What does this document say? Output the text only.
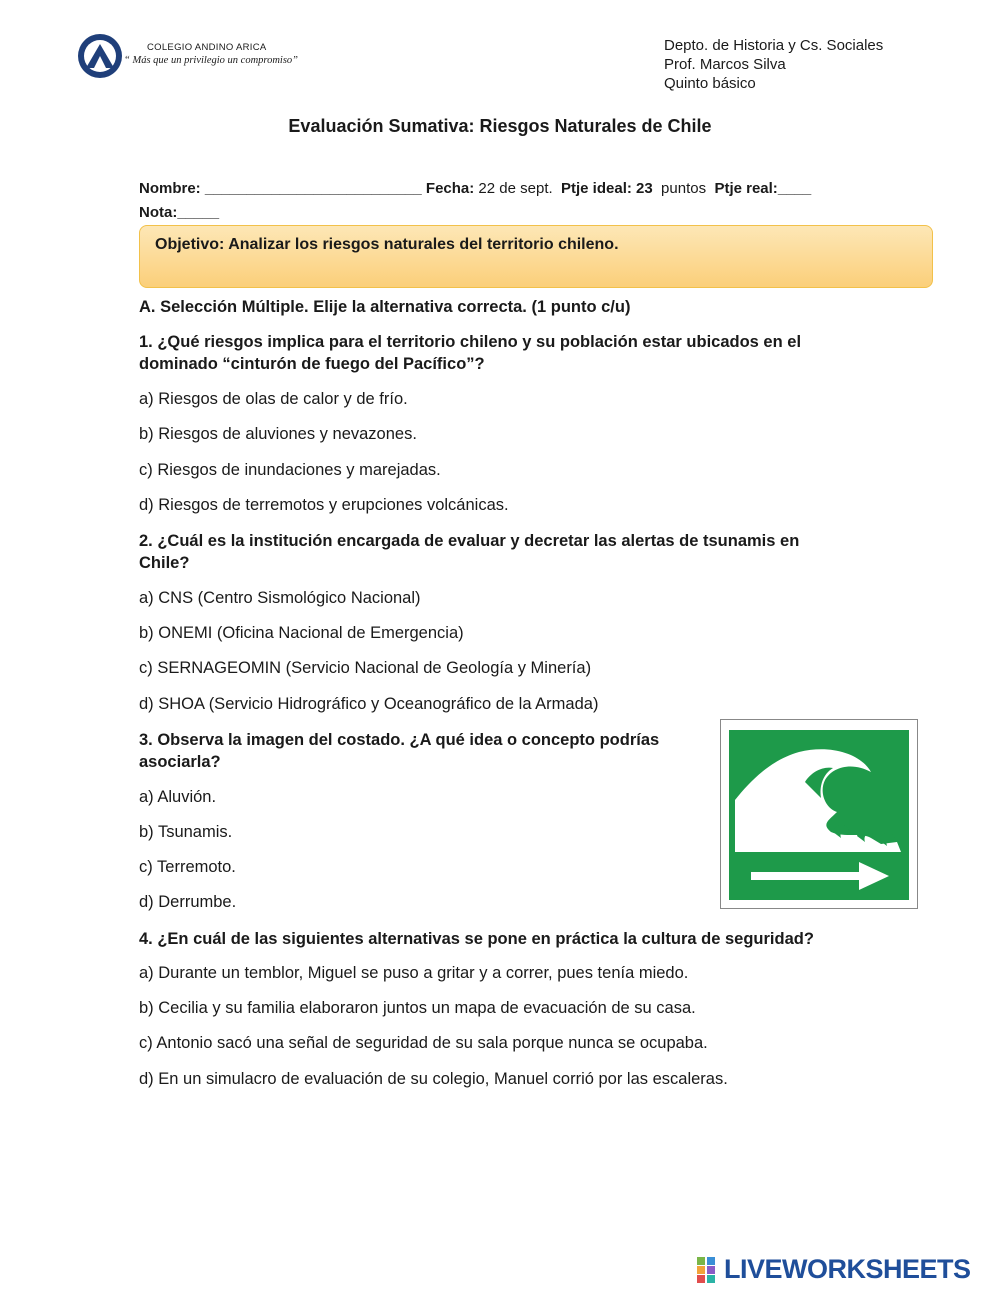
COLEGIO ANDINO ARICA
“ Más que un privilegio un compromiso”
Depto. de Historia y Cs. Sociales
Prof. Marcos Silva
Quinto básico
Evaluación Sumativa: Riesgos Naturales de Chile
Nombre: __________________________ Fecha: 22 de sept.  Ptje ideal: 23  puntos  Ptje real:____
Nota:_____
Objetivo: Analizar los riesgos naturales del territorio chileno.
A. Selección Múltiple. Elije la alternativa correcta. (1 punto c/u)
1. ¿Qué riesgos implica para el territorio chileno y su población estar ubicados en el
dominado “cinturón de fuego del Pacífico”?
a) Riesgos de olas de calor y de frío.
b) Riesgos de aluviones y nevazones.
c) Riesgos de inundaciones y marejadas.
d) Riesgos de terremotos y erupciones volcánicas.
2. ¿Cuál es la institución encargada de evaluar y decretar las alertas de tsunamis en
Chile?
a) CNS (Centro Sismológico Nacional)
b) ONEMI (Oficina Nacional de Emergencia)
c) SERNAGEOMIN (Servicio Nacional de Geología y Minería)
d) SHOA (Servicio Hidrográfico y Oceanográfico de la Armada)
3. Observa la imagen del costado. ¿A qué idea o concepto podrías
asociarla?
a) Aluvión.
b) Tsunamis.
c) Terremoto.
d) Derrumbe.
4. ¿En cuál de las siguientes alternativas se pone en práctica la cultura de seguridad?
a) Durante un temblor, Miguel se puso a gritar y a correr, pues tenía miedo.
b) Cecilia y su familia elaboraron juntos un mapa de evacuación de su casa.
c) Antonio sacó una señal de seguridad de su sala porque nunca se ocupaba.
d) En un simulacro de evaluación de su colegio, Manuel corrió por las escaleras.
LIVEWORKSHEETS
